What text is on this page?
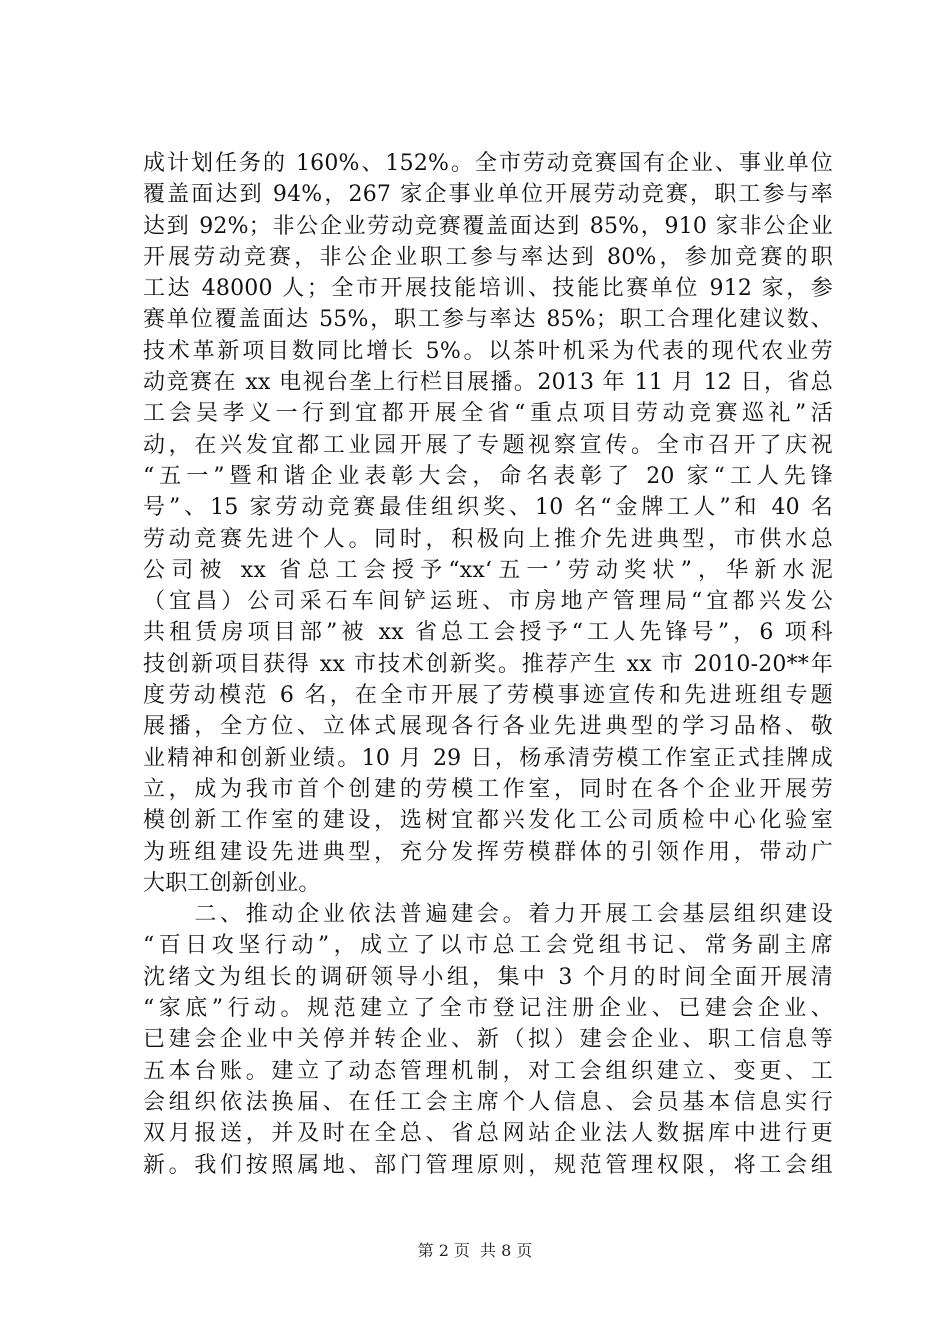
成计划任务的 160%、152%。全市劳动竞赛国有企业、事业单位
覆盖面达到 94%，267 家企事业单位开展劳动竞赛，职工参与率
达到 92%；非公企业劳动竞赛覆盖面达到 85%，910 家非公企业
开展劳动竞赛，非公企业职工参与率达到 80%，参加竞赛的职
工达 48000 人；全市开展技能培训、技能比赛单位 912 家，参
赛单位覆盖面达 55%，职工参与率达 85%；职工合理化建议数、
技术革新项目数同比增长 5%。以茶叶机采为代表的现代农业劳
动竞赛在 xx 电视台垄上行栏目展播。2013 年 11 月 12 日，省总
工会吴孝义一行到宜都开展全省“重点项目劳动竞赛巡礼”活
动，在兴发宜都工业园开展了专题视察宣传。全市召开了庆祝
“五一”暨和谐企业表彰大会，命名表彰了 20 家“工人先锋
号”、15 家劳动竞赛最佳组织奖、10 名“金牌工人”和 40 名
劳动竞赛先进个人。同时，积极向上推介先进典型，市供水总
公司被 xx 省总工会授予“xx‘五一’劳动奖状”，华新水泥
（宜昌）公司采石车间铲运班、市房地产管理局“宜都兴发公
共租赁房项目部”被 xx 省总工会授予“工人先锋号”，6 项科
技创新项目获得 xx 市技术创新奖。推荐产生 xx 市 2010-20**年
度劳动模范 6 名，在全市开展了劳模事迹宣传和先进班组专题
展播，全方位、立体式展现各行各业先进典型的学习品格、敬
业精神和创新业绩。10 月 29 日，杨承清劳模工作室正式挂牌成
立，成为我市首个创建的劳模工作室，同时在各个企业开展劳
模创新工作室的建设，选树宜都兴发化工公司质检中心化验室
为班组建设先进典型，充分发挥劳模群体的引领作用，带动广
大职工创新创业。
　　二、推动企业依法普遍建会。着力开展工会基层组织建设
“百日攻坚行动”，成立了以市总工会党组书记、常务副主席
沈绪文为组长的调研领导小组，集中 3 个月的时间全面开展清
“家底”行动。规范建立了全市登记注册企业、已建会企业、
已建会企业中关停并转企业、新（拟）建会企业、职工信息等
五本台账。建立了动态管理机制，对工会组织建立、变更、工
会组织依法换届、在任工会主席个人信息、会员基本信息实行
双月报送，并及时在全总、省总网站企业法人数据库中进行更
新。我们按照属地、部门管理原则，规范管理权限，将工会组
第 2 页 共 8 页
